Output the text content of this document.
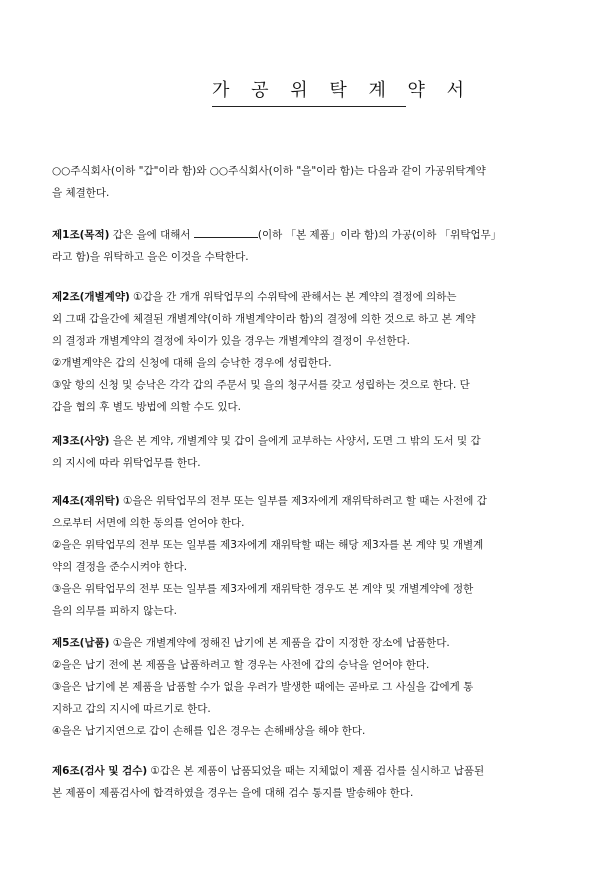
가 공 위 탁 계 약 서
○○주식회사(이하 "갑"이라 함)와 ○○주식회사(이하 "을"이라 함)는 다음과 같이 가공위탁계약
을 체결한다.
제1조(목적) 갑은 을에 대해서	(이하 「본 제품」이라 함)의 가공(이하 「위탁업무」
라고 함)을 위탁하고 을은 이것을 수탁한다.
제2조(개별계약) ①갑을 간 개개 위탁업무의 수위탁에 관해서는 본 계약의 결정에 의하는
외 그때 갑을간에 체결된 개별계약(이하 개별계약이라 함)의 결정에 의한 것으로 하고 본 계약
의 결정과 개별계약의 결정에 차이가 있을 경우는 개별계약의 결정이 우선한다.
②개별계약은 갑의 신청에 대해 을의 승낙한 경우에 성립한다.
③앞 항의 신청 및 승낙은 각각 갑의 주문서 및 을의 청구서를 갖고 성립하는 것으로 한다. 단
갑을 협의 후 별도 방법에 의할 수도 있다.
제3조(사양) 을은 본 계약, 개별계약 및 갑이 을에게 교부하는 사양서, 도면 그 밖의 도서 및 갑
의 지시에 따라 위탁업무를 한다.
제4조(재위탁) ①을은 위탁업무의 전부 또는 일부를 제3자에게 재위탁하려고 할 때는 사전에 갑
으로부터 서면에 의한 동의를 얻어야 한다.
②을은 위탁업무의 전부 또는 일부를 제3자에게 재위탁할 때는 해당 제3자를 본 계약 및 개별계
약의 결정을 준수시켜야 한다.
③을은 위탁업무의 전부 또는 일부를 제3자에게 재위탁한 경우도 본 계약 및 개별계약에 정한
을의 의무를 피하지 않는다.
제5조(납품) ①을은 개별계약에 정해진 납기에 본 제품을 갑이 지정한 장소에 납품한다.
②을은 납기 전에 본 제품을 납품하려고 할 경우는 사전에 갑의 승낙을 얻어야 한다.
③을은 납기에 본 제품을 납품할 수가 없을 우려가 발생한 때에는 곧바로 그 사실을 갑에게 통
지하고 갑의 지시에 따르기로 한다.
④을은 납기지연으로 갑이 손해를 입은 경우는 손해배상을 해야 한다.
제6조(검사 및 검수) ①갑은 본 제품이 납품되었을 때는 지체없이 제품 검사를 실시하고 납품된
본 제품이 제품검사에 합격하였을 경우는 을에 대해 검수 통지를 발송해야 한다.
